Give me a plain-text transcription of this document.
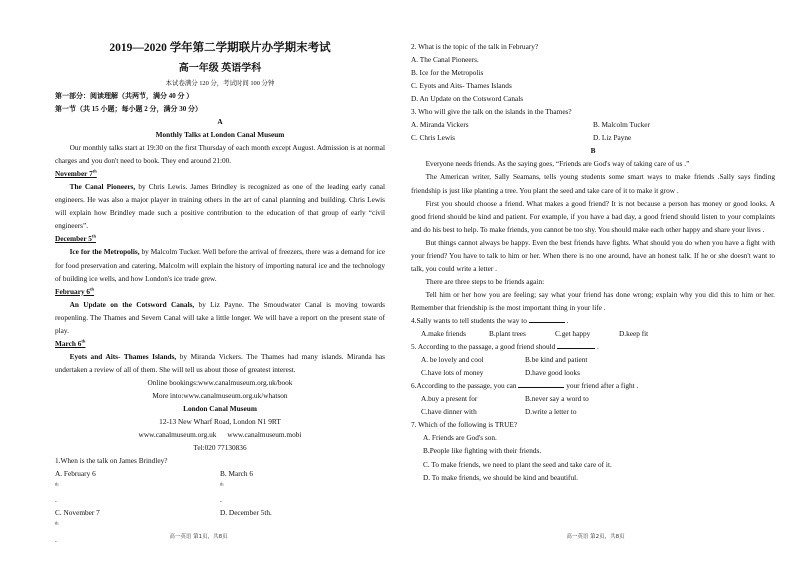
2019—2020 学年第二学期联片办学期末考试
高一年级 英语学科
本试卷满分 120 分，考试时间 100 分钟
第一部分：阅读理解（共两节，满分 40 分 ）
第一节（共 15 小题；每小题 2 分，满分 30 分）
A
Monthly Talks at London Canal Museum
Our monthly talks start at 19:30 on the first Thursday of each month except August. Admission is at normal charges and you don't need to book. They end around 21:00.
November 7th
The Canal Pioneers, by Chris Lewis. James Brindley is recognized as one of the leading early canal engineers. He was also a major player in training others in the art of canal planning and building. Chris Lewis will explain how Brindley made such a positive contribution to the education of that group of early “civil engineers”.
December 5th
Ice for the Metropolis, by Malcolm Tucker. Well before the arrival of freezers, there was a demand for ice for food preservation and catering, Malcolm will explain the history of importing natural ice and the technology of building ice wells, and how London's ice trade grew.
February 6th
An Update on the Cotsword Canals, by Liz Payne. The Smoudwater Canal is moving towards reopenling. The Thames and Severn Canal will take a little longer. We will have a report on the present state of play.
March 6th
Eyots and Aits- Thames Islands, by Miranda Vickers. The Thames had many islands. Miranda has undertaken a review of all of them. She will tell us about those of greatest interest.
Online bookings:www.canalmuseum.org.uk/book
More into:www.canalmuseum.org.uk/whatson
London Canal Museum
12-13 New Wharf Road, London N1 9RT
www.canalmuseum.org.uk www.canalmuseum.mobi
Tel:020 77130836
1.When is the talk on James Brindley?
A. February 6
$^{th}$
.
B. March 6
$^{th}$
.
C. November 7
$^{th}$
.
D. December 5th.
高一英语 第1页，共8页
2. What is the topic of the talk in February?
A. The Canal Pioneers.
B. Ice for the Metropolis
C. Eyots and Aits- Thames Islands
D. An Update on the Cotsword Canals
3. Who will give the talk on the islands in the Thames?
A. Miranda Vickers	B. Malcolm Tucker
C. Chris Lewis	D. Liz Payne
B
Everyone needs friends. As the saying goes, “Friends are God's way of taking care of us .”
The American writer, Sally Seamans, tells young students some smart ways to make friends .Sally says finding friendship is just like planting a tree. You plant the seed and take care of it to make it grow .
First you should choose a friend. What makes a good friend? It is not because a person has money or good looks. A good friend should be kind and patient. For example, if you have a bad day, a good friend should listen to your complaints and do his best to help. To make friends, you cannot be too shy. You should make each other happy and share your lives .
But things cannot always be happy. Even the best friends have fights. What should you do when you have a fight with your friend? You have to talk to him or her. When there is no one around, have an honest talk. If he or she doesn't want to talk, you could write a letter .
There are three steps to be friends again:
Tell him or her how you are feeling; say what your friend has done wrong; explain why you did this to him or her. Remember that friendship is the most important thing in your life .
4.Sally wants to tell students the way to	.
A.make friends	B.plant trees	C.get happy	D.keep fit
5. According to the passage, a good friend should	.
A. be lovely and cool	B.be kind and patient
C.have lots of money	D.have good looks
6.According to the passage, you can	your friend after a fight .
A.buy a present for	B.never say a word to
C.have dinner with	D.write a letter to
7. Which of the following is TRUE?
A. Friends are God's son.
B.People like fighting with their friends.
C. To make friends, we need to plant the seed and take care of it.
D. To make friends, we should be kind and beautiful.
高一英语 第2页，共8页
